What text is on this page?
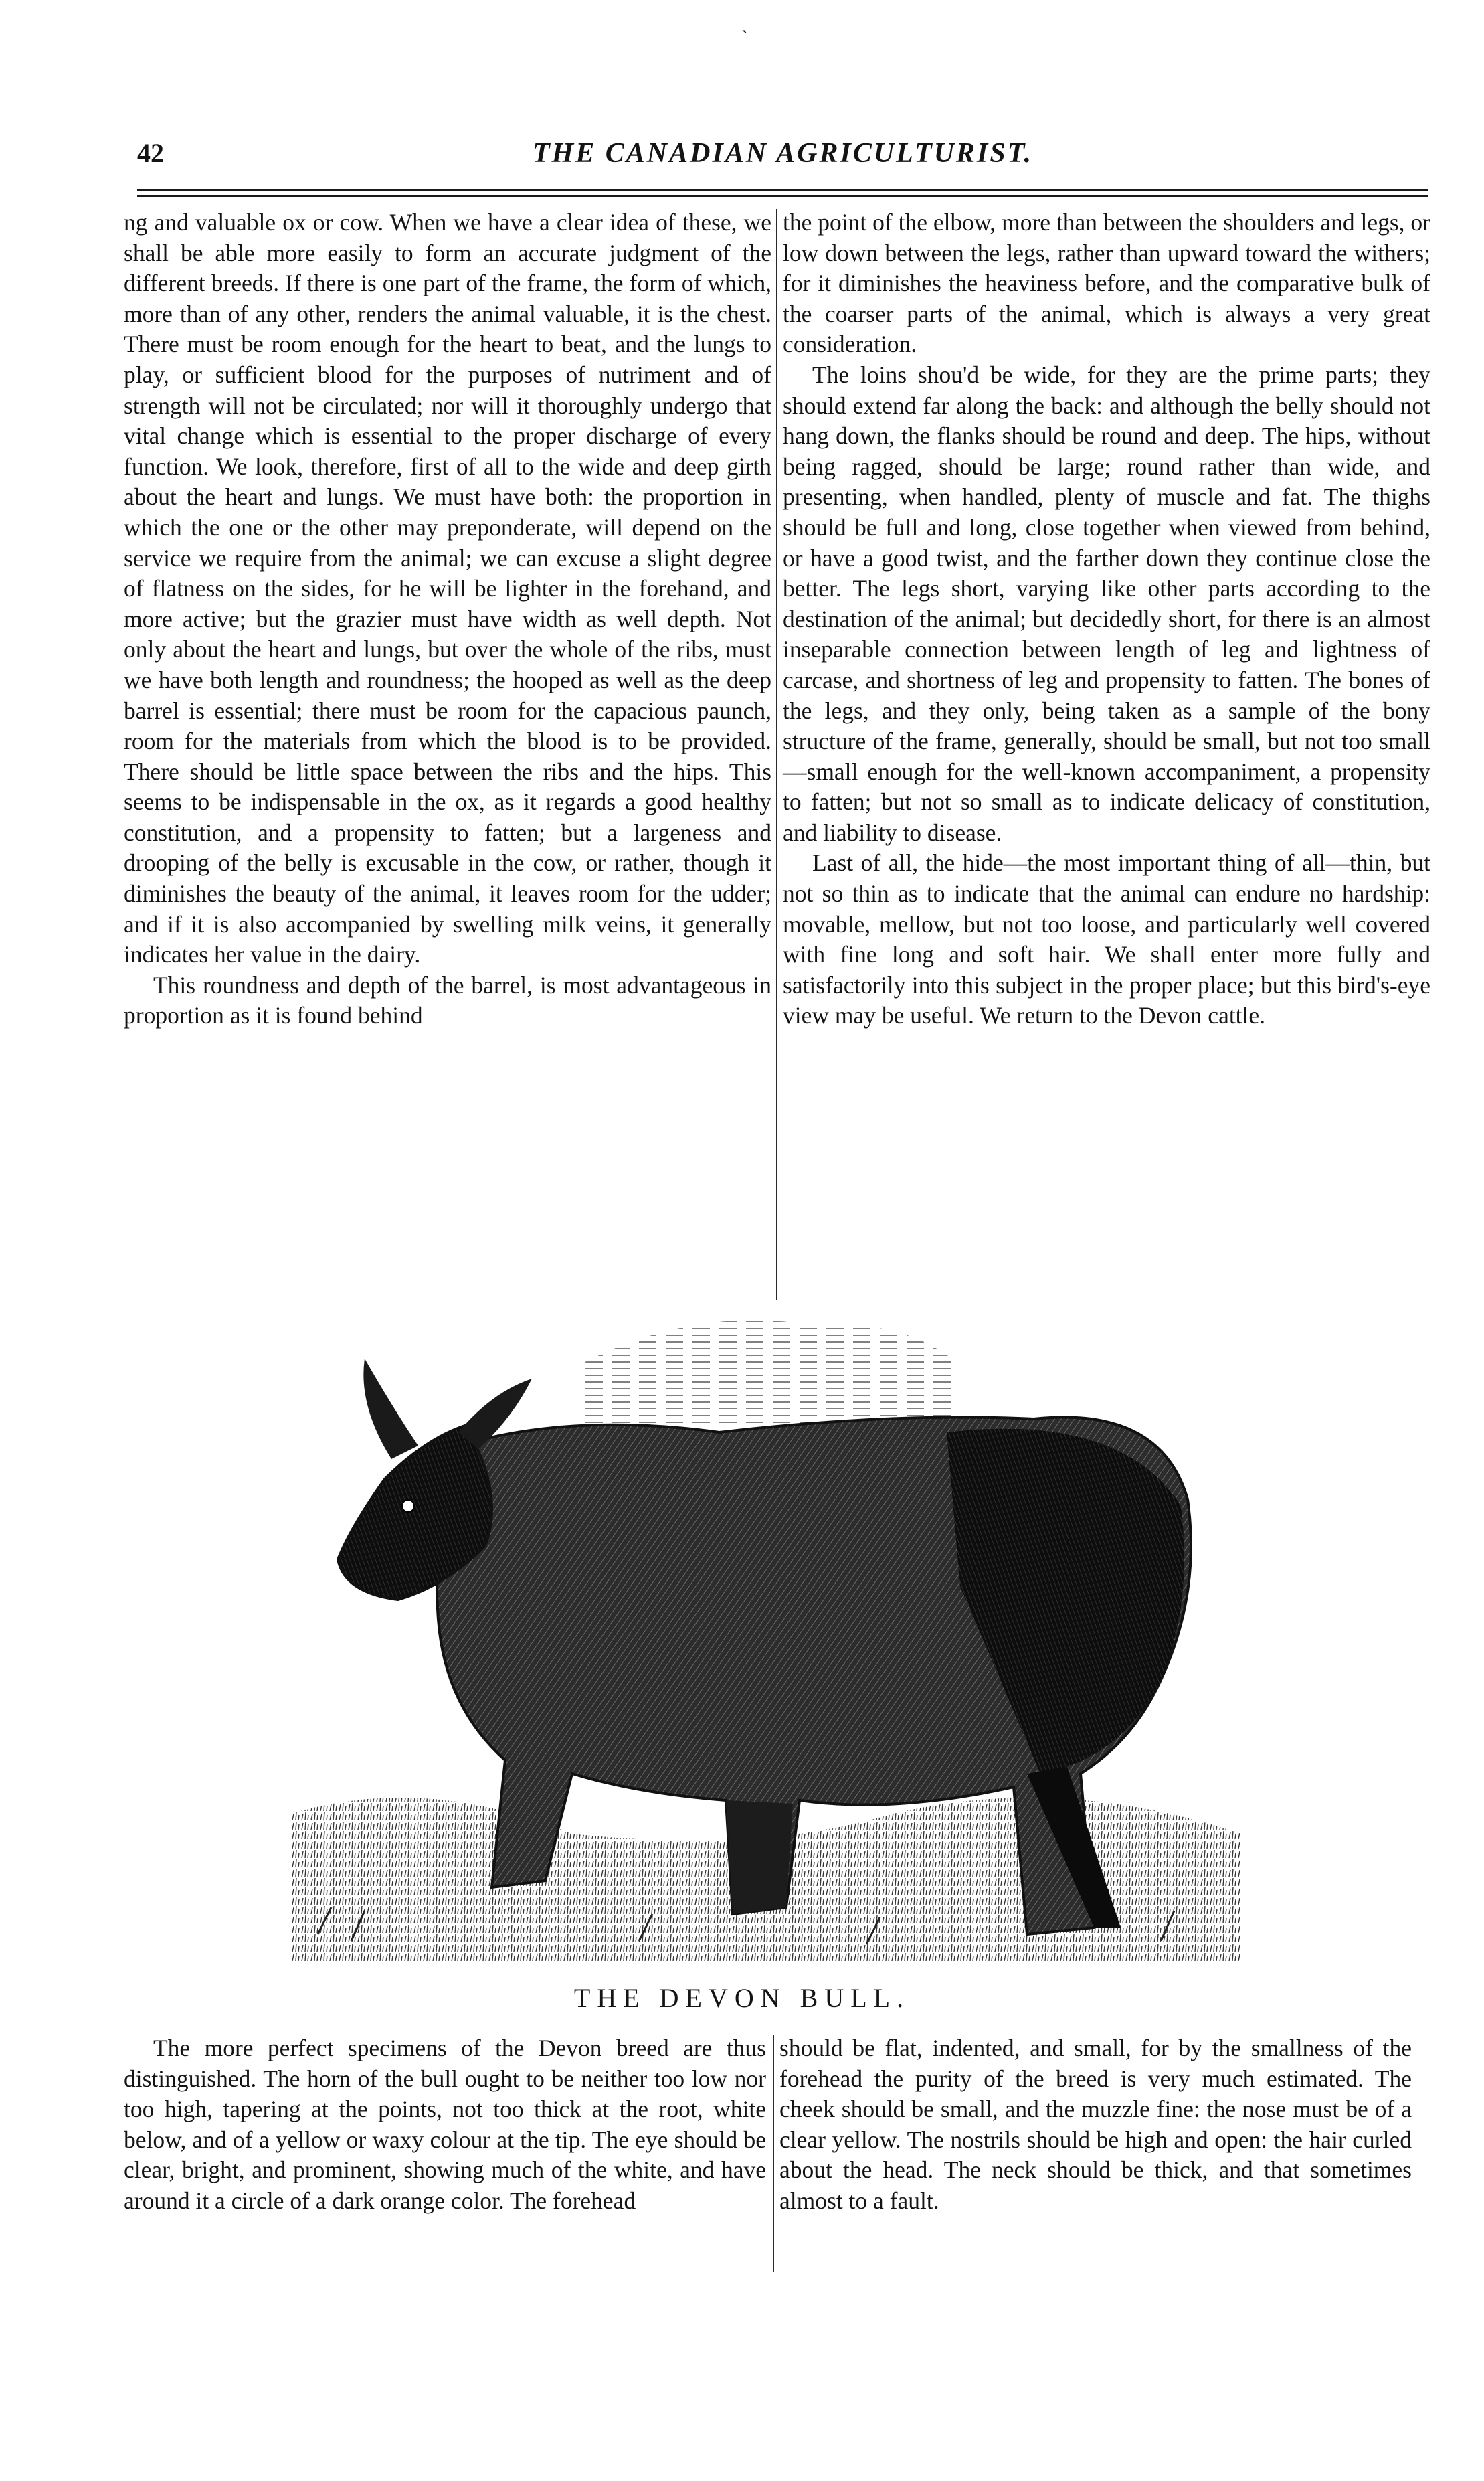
`
42	THE CANADIAN AGRICULTURIST.

ng and valuable ox or cow. When we have a clear idea of these, we shall be able more easily to form an accurate judgment of the different breeds. If there is one part of the frame, the form of which, more than of any other, renders the animal valuable, it is the chest. There must be room enough for the heart to beat, and the lungs to play, or sufficient blood for the purposes of nutriment and of strength will not be circulated; nor will it thoroughly undergo that vital change which is essential to the proper discharge of every function. We look, therefore, first of all to the wide and deep girth about the heart and lungs. We must have both: the proportion in which the one or the other may preponderate, will depend on the service we require from the animal; we can excuse a slight degree of flatness on the sides, for he will be lighter in the forehand, and more active; but the grazier must have width as well depth. Not only about the heart and lungs, but over the whole of the ribs, must we have both length and roundness; the hooped as well as the deep barrel is essential; there must be room for the capacious paunch, room for the materials from which the blood is to be provided. There should be little space between the ribs and the hips. This seems to be indispensable in the ox, as it regards a good healthy constitution, and a propensity to fatten; but a largeness and drooping of the belly is excusable in the cow, or rather, though it diminishes the beauty of the animal, it leaves room for the udder; and if it is also accompanied by swelling milk veins, it generally indicates her value in the dairy.

This roundness and depth of the barrel, is most advantageous in proportion as it is found behind

the point of the elbow, more than between the shoulders and legs, or low down between the legs, rather than upward toward the withers; for it diminishes the heaviness before, and the comparative bulk of the coarser parts of the animal, which is always a very great consideration.

The loins shou'd be wide, for they are the prime parts; they should extend far along the back: and although the belly should not hang down, the flanks should be round and deep. The hips, without being ragged, should be large; round rather than wide, and presenting, when handled, plenty of muscle and fat. The thighs should be full and long, close together when viewed from behind, or have a good twist, and the farther down they continue close the better. The legs short, varying like other parts according to the destination of the animal; but decidedly short, for there is an almost inseparable connection between length of leg and lightness of carcase, and shortness of leg and propensity to fatten. The bones of the legs, and they only, being taken as a sample of the bony structure of the frame, generally, should be small, but not too small—small enough for the well-known accompaniment, a propensity to fatten; but not so small as to indicate delicacy of constitution, and liability to disease.

Last of all, the hide—the most important thing of all—thin, but not so thin as to indicate that the animal can endure no hardship: movable, mellow, but not too loose, and particularly well covered with fine long and soft hair. We shall enter more fully and satisfactorily into this subject in the proper place; but this bird's-eye view may be useful. We return to the Devon cattle.

THE DEVON BULL.

The more perfect specimens of the Devon breed are thus distinguished. The horn of the bull ought to be neither too low nor too high, tapering at the points, not too thick at the root, white below, and of a yellow or waxy colour at the tip. The eye should be clear, bright, and prominent, showing much of the white, and have around it a circle of a dark orange color. The forehead

should be flat, indented, and small, for by the smallness of the forehead the purity of the breed is very much estimated. The cheek should be small, and the muzzle fine: the nose must be of a clear yellow. The nostrils should be high and open: the hair curled about the head. The neck should be thick, and that sometimes almost to a fault.
